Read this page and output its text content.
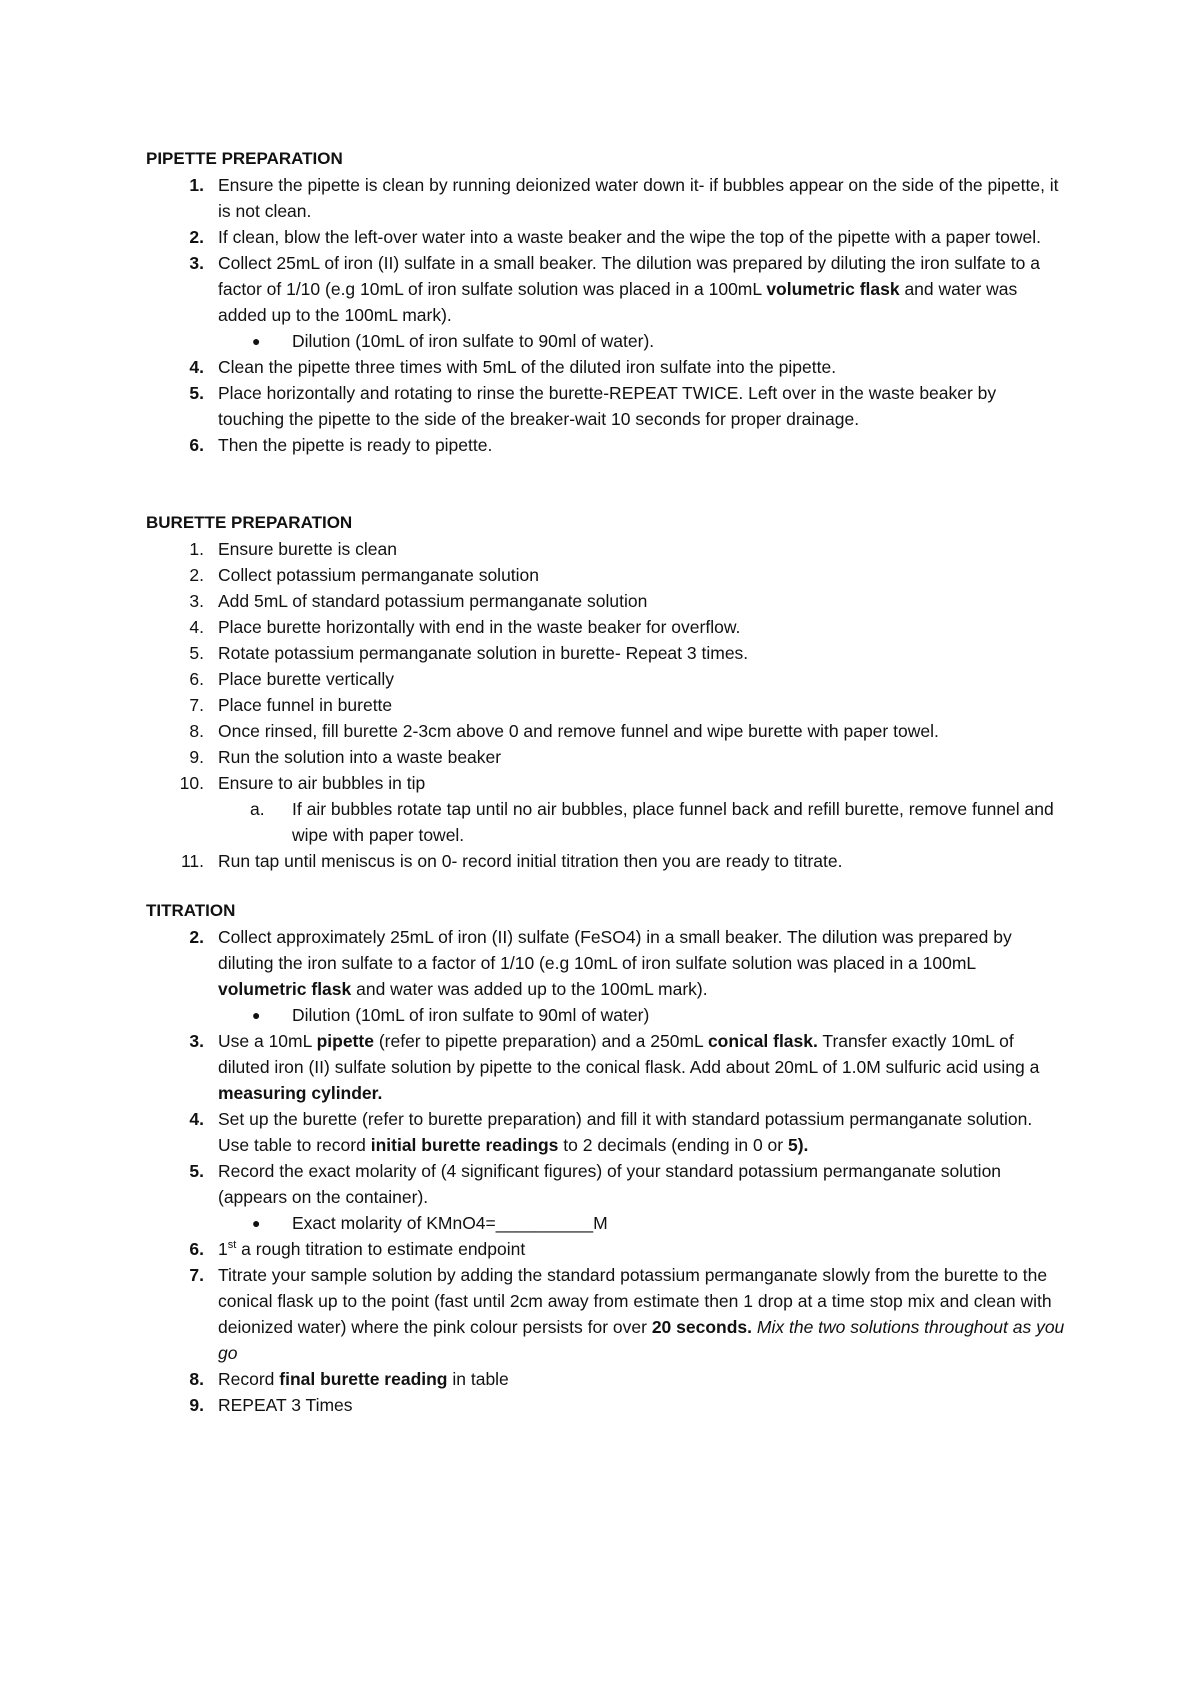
PIPETTE PREPARATION

1. Ensure the pipette is clean by running deionized water down it- if bubbles appear on the side of the pipette, it is not clean.
2. If clean, blow the left-over water into a waste beaker and the wipe the top of the pipette with a paper towel.
3. Collect 25mL of iron (II) sulfate in a small beaker. The dilution was prepared by diluting the iron sulfate to a factor of 1/10 (e.g 10mL of iron sulfate solution was placed in a 100mL volumetric flask and water was added up to the 100mL mark).
● Dilution (10mL of iron sulfate to 90ml of water).
4. Clean the pipette three times with 5mL of the diluted iron sulfate into the pipette.
5. Place horizontally and rotating to rinse the burette-REPEAT TWICE. Left over in the waste beaker by touching the pipette to the side of the breaker-wait 10 seconds for proper drainage.
6. Then the pipette is ready to pipette.

BURETTE PREPARATION

1. Ensure burette is clean
2. Collect potassium permanganate solution
3. Add 5mL of standard potassium permanganate solution
4. Place burette horizontally with end in the waste beaker for overflow.
5. Rotate potassium permanganate solution in burette- Repeat 3 times.
6. Place burette vertically
7. Place funnel in burette
8. Once rinsed, fill burette 2-3cm above 0 and remove funnel and wipe burette with paper towel.
9. Run the solution into a waste beaker
10. Ensure to air bubbles in tip
a.	If air bubbles rotate tap until no air bubbles, place funnel back and refill burette, remove funnel and wipe with paper towel.
11. Run tap until meniscus is on 0- record initial titration then you are ready to titrate.

TITRATION

2. Collect approximately 25mL of iron (II) sulfate (FeSO4) in a small beaker. The dilution was prepared by diluting the iron sulfate to a factor of 1/10 (e.g 10mL of iron sulfate solution was placed in a 100mL volumetric flask and water was added up to the 100mL mark).
● Dilution (10mL of iron sulfate to 90ml of water)
3. Use a 10mL pipette (refer to pipette preparation) and a 250mL conical flask. Transfer exactly 10mL of diluted iron (II) sulfate solution by pipette to the conical flask. Add about 20mL of 1.0M sulfuric acid using a measuring cylinder.
4. Set up the burette (refer to burette preparation) and fill it with standard potassium permanganate solution. Use table to record initial burette readings to 2 decimals (ending in 0 or 5).
5. Record the exact molarity of (4 significant figures) of your standard potassium permanganate solution (appears on the container).
● Exact molarity of KMnO4=__________M
6. 1st a rough titration to estimate endpoint
7. Titrate your sample solution by adding the standard potassium permanganate slowly from the burette to the conical flask up to the point (fast until 2cm away from estimate then 1 drop at a time stop mix and clean with deionized water) where the pink colour persists for over 20 seconds. Mix the two solutions throughout as you go
8. Record final burette reading in table
9. REPEAT 3 Times
